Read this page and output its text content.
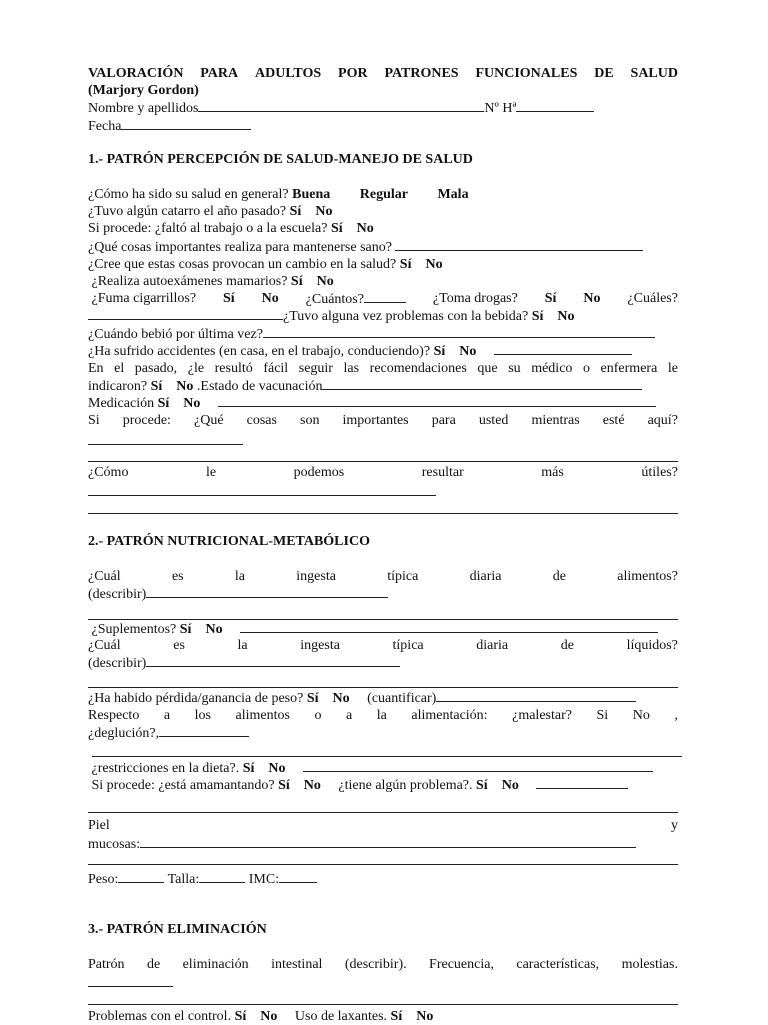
VALORACIÓN PARA ADULTOS POR PATRONES FUNCIONALES DE SALUD
(Marjory Gordon)
Nombre y apellidos	Nº Hª
Fecha
1.- PATRÓN PERCEPCIÓN DE SALUD-MANEJO DE SALUD
¿Cómo ha sido su salud en general? Buena Regular Mala
¿Tuvo algún catarro el año pasado? Sí No
Si procede: ¿faltó al trabajo o a la escuela? Sí No
¿Qué cosas importantes realiza para mantenerse sano?
¿Cree que estas cosas provocan un cambio en la salud? Sí No
¿Realiza autoexámenes mamarios? Sí No
¿Fuma cigarrillos? Sí No ¿Cuántos?	¿Toma drogas? Sí No ¿Cuáles?
¿Tuvo alguna vez problemas con la bebida? Sí No
¿Cuándo bebió por última vez?
¿Ha sufrido accidentes (en casa, en el trabajo, conduciendo)? Sí No
En el pasado, ¿le resultó fácil seguir las recomendaciones que su médico o enfermera le
indicaron? Sí No .Estado de vacunación
Medicación Sí No
Si procede: ¿Qué cosas son importantes para usted mientras esté aquí?
¿Cómo	le	podemos	resultar	más	útiles?
2.- PATRÓN NUTRICIONAL-METABÓLICO
¿Cuál	es	la	ingesta	típica	diaria	de	alimentos?
(describir)
¿Suplementos? Sí No
¿Cuál	es	la	ingesta	típica	diaria	de	líquidos?
(describir)
¿Ha habido pérdida/ganancia de peso? Sí No (cuantificar)
Respecto a los alimentos o a la alimentación: ¿malestar? Si No ,
¿deglución?,
¿restricciones en la dieta?. Sí No
Si procede: ¿está amamantando? Sí No ¿tiene algún problema?. Sí No
Piel	y
mucosas:
Peso:	Talla:	IMC:
3.- PATRÓN ELIMINACIÓN
Patrón de eliminación intestinal (describir). Frecuencia, características, molestias.
Problemas con el control. Sí No Uso de laxantes. Sí No
